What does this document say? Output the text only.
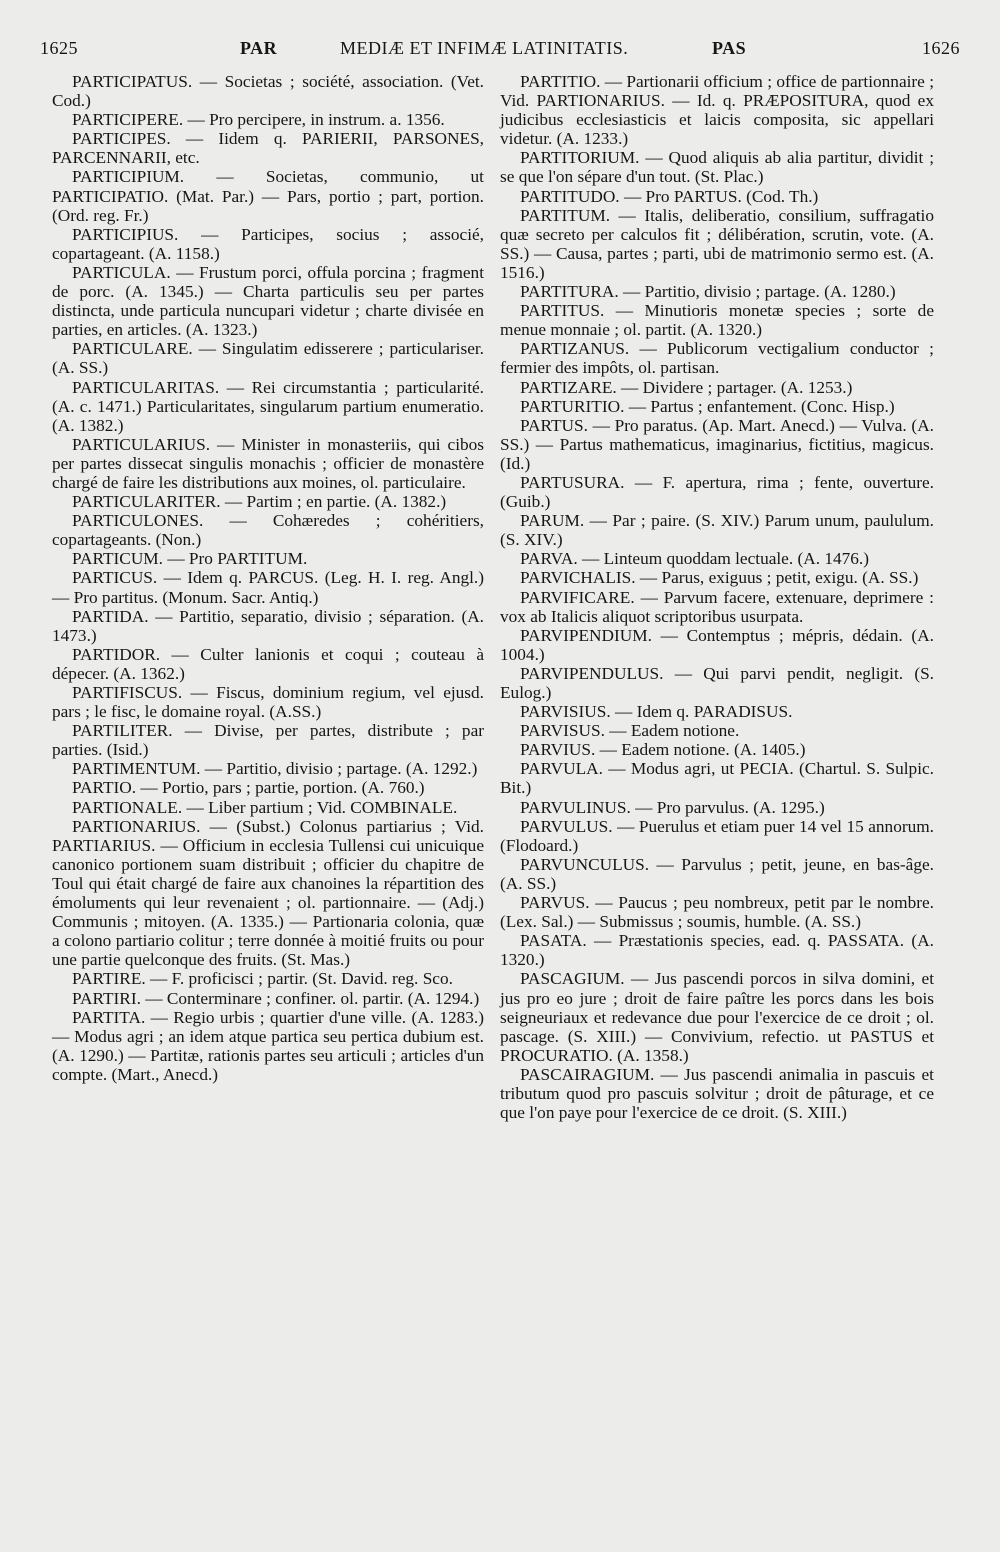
1625	PAR	MEDIÆ ET INFIMÆ LATINITATIS.	PAS	1626

PARTICIPATUS. — Societas ; société, association. (Vet. Cod.)

PARTICIPERE. — Pro percipere, in instrum. a. 1356.

PARTICIPES. — Iidem q. PARIERII, PARSONES, PARCENNARII, etc.

PARTICIPIUM. — Societas, communio, ut PARTICIPATIO. (Mat. Par.) — Pars, portio ; part, portion. (Ord. reg. Fr.)

PARTICIPIUS. — Participes, socius ; associé, copartageant. (A. 1158.)

PARTICULA. — Frustum porci, offula porcina ; fragment de porc. (A. 1345.) — Charta particulis seu per partes distincta, unde particula nuncupari videtur ; charte divisée en parties, en articles. (A. 1323.)

PARTICULARE. — Singulatim edisserere ; particulariser. (A. SS.)

PARTICULARITAS. — Rei circumstantia ; particularité. (A. c. 1471.) Particularitates, singularum partium enumeratio. (A. 1382.)

PARTICULARIUS. — Minister in monasteriis, qui cibos per partes dissecat singulis monachis ; officier de monastère chargé de faire les distributions aux moines, ol. particulaire.

PARTICULARITER. — Partim ; en partie. (A. 1382.)

PARTICULONES. — Cohæredes ; cohéritiers, copartageants. (Non.)

PARTICUM. — Pro PARTITUM.

PARTICUS. — Idem q. PARCUS. (Leg. H. I. reg. Angl.) — Pro partitus. (Monum. Sacr. Antiq.)

PARTIDA. — Partitio, separatio, divisio ; séparation. (A. 1473.)

PARTIDOR. — Culter lanionis et coqui ; couteau à dépecer. (A. 1362.)

PARTIFISCUS. — Fiscus, dominium regium, vel ejusd. pars ; le fisc, le domaine royal. (A.SS.)

PARTILITER. — Divise, per partes, distribute ; par parties. (Isid.)

PARTIMENTUM. — Partitio, divisio ; partage. (A. 1292.)

PARTIO. — Portio, pars ; partie, portion. (A. 760.)

PARTIONALE. — Liber partium ; Vid. COMBINALE.

PARTIONARIUS. — (Subst.) Colonus partiarius ; Vid. PARTIARIUS. — Officium in ecclesia Tullensi cui unicuique canonico portionem suam distribuit ; officier du chapitre de Toul qui était chargé de faire aux chanoines la répartition des émoluments qui leur revenaient ; ol. partionnaire. — (Adj.) Communis ; mitoyen. (A. 1335.) — Partionaria colonia, quæ a colono partiario colitur ; terre donnée à moitié fruits ou pour une partie quelconque des fruits. (St. Mas.)

PARTIRE. — F. proficisci ; partir. (St. David. reg. Sco.

PARTIRI. — Conterminare ; confiner. ol. partir. (A. 1294.)

PARTITA. — Regio urbis ; quartier d'une ville. (A. 1283.) — Modus agri ; an idem atque partica seu pertica dubium est. (A. 1290.) — Partitæ, rationis partes seu articuli ; articles d'un compte. (Mart., Anecd.)

PARTITIO. — Partionarii officium ; office de partionnaire ; Vid. PARTIONARIUS. — Id. q. PRÆPOSITURA, quod ex judicibus ecclesiasticis et laicis composita, sic appellari videtur. (A. 1233.)

PARTITORIUM. — Quod aliquis ab alia partitur, dividit ; se que l'on sépare d'un tout. (St. Plac.)

PARTITUDO. — Pro PARTUS. (Cod. Th.)

PARTITUM. — Italis, deliberatio, consilium, suffragatio quæ secreto per calculos fit ; délibération, scrutin, vote. (A. SS.) — Causa, partes ; parti, ubi de matrimonio sermo est. (A. 1516.)

PARTITURA. — Partitio, divisio ; partage. (A. 1280.)

PARTITUS. — Minutioris monetæ species ; sorte de menue monnaie ; ol. partit. (A. 1320.)

PARTIZANUS. — Publicorum vectigalium conductor ; fermier des impôts, ol. partisan.

PARTIZARE. — Dividere ; partager. (A. 1253.)

PARTURITIO. — Partus ; enfantement. (Conc. Hisp.)

PARTUS. — Pro paratus. (Ap. Mart. Anecd.) — Vulva. (A. SS.) — Partus mathematicus, imaginarius, fictitius, magicus. (Id.)

PARTUSURA. — F. apertura, rima ; fente, ouverture. (Guib.)

PARUM. — Par ; paire. (S. XIV.) Parum unum, paululum. (S. XIV.)

PARVA. — Linteum quoddam lectuale. (A. 1476.)

PARVICHALIS. — Parus, exiguus ; petit, exigu. (A. SS.)

PARVIFICARE. — Parvum facere, extenuare, deprimere : vox ab Italicis aliquot scriptoribus usurpata.

PARVIPENDIUM. — Contemptus ; mépris, dédain. (A. 1004.)

PARVIPENDULUS. — Qui parvi pendit, negligit. (S. Eulog.)

PARVISIUS. — Idem q. PARADISUS.

PARVISUS. — Eadem notione.

PARVIUS. — Eadem notione. (A. 1405.)

PARVULA. — Modus agri, ut PECIA. (Chartul. S. Sulpic. Bit.)

PARVULINUS. — Pro parvulus. (A. 1295.)

PARVULUS. — Puerulus et etiam puer 14 vel 15 annorum. (Flodoard.)

PARVUNCULUS. — Parvulus ; petit, jeune, en bas-âge. (A. SS.)

PARVUS. — Paucus ; peu nombreux, petit par le nombre. (Lex. Sal.) — Submissus ; soumis, humble. (A. SS.)

PASATA. — Præstationis species, ead. q. PASSATA. (A. 1320.)

PASCAGIUM. — Jus pascendi porcos in silva domini, et jus pro eo jure ; droit de faire paître les porcs dans les bois seigneuriaux et redevance due pour l'exercice de ce droit ; ol. pascage. (S. XIII.) — Convivium, refectio. ut PASTUS et PROCURATIO. (A. 1358.)

PASCAIRAGIUM. — Jus pascendi animalia in pascuis et tributum quod pro pascuis solvitur ; droit de pâturage, et ce que l'on paye pour l'exercice de ce droit. (S. XIII.)
